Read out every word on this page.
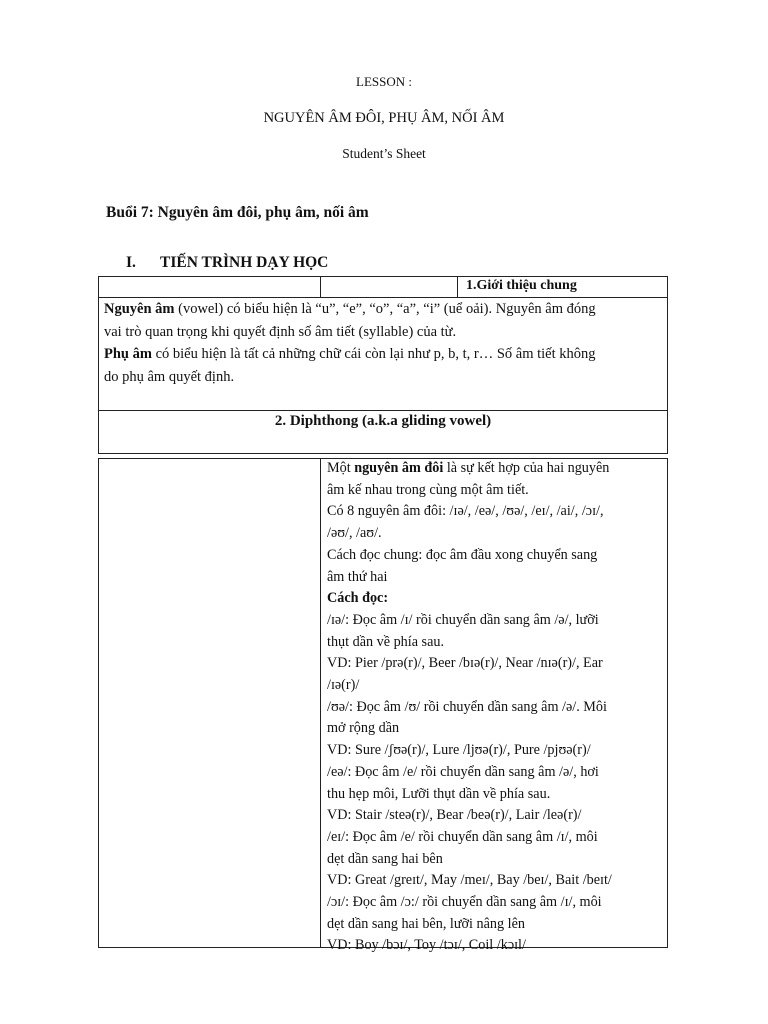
LESSON :
NGUYÊN ÂM ĐÔI, PHỤ ÂM, NỐI ÂM
Student’s Sheet
Buổi 7: Nguyên âm đôi, phụ âm, nối âm
I. TIẾN TRÌNH DẠY HỌC
1.Giới thiệu chung
Nguyên âm (vowel) có biểu hiện là “u”, “e”, “o”, “a”, “i” (uể oải). Nguyên âm đóng
vai trò quan trọng khi quyết định số âm tiết (syllable) của từ.
Phụ âm có biểu hiện là tất cả những chữ cái còn lại như p, b, t, r… Số âm tiết không
do phụ âm quyết định.
2. Diphthong (a.k.a gliding vowel)
Một nguyên âm đôi là sự kết hợp của hai nguyên
âm kế nhau trong cùng một âm tiết.
Có 8 nguyên âm đôi: /ɪə/, /eə/, /ʊə/, /eɪ/, /ai/, /ɔɪ/,
/əʊ/, /aʊ/.
Cách đọc chung: đọc âm đầu xong chuyển sang
âm thứ hai
Cách đọc:
/ɪə/: Đọc âm /ɪ/ rồi chuyển dần sang âm /ə/, lưỡi
thụt dần về phía sau.
VD: Pier /prə(r)/, Beer /bɪə(r)/, Near /nɪə(r)/, Ear
/ɪə(r)/
/ʊə/: Đọc âm /ʊ/ rồi chuyển dần sang âm /ə/. Môi
mở rộng dần
VD: Sure /ʃʊə(r)/, Lure /ljʊə(r)/, Pure /pjʊə(r)/
/eə/: Đọc âm /e/ rồi chuyển dần sang âm /ə/, hơi
thu hẹp môi, Lưỡi thụt dần về phía sau.
VD: Stair /steə(r)/, Bear /beə(r)/, Lair /leə(r)/
/eɪ/: Đọc âm /e/ rồi chuyển dần sang âm /ɪ/, môi
dẹt dần sang hai bên
VD: Great /greɪt/, May /meɪ/, Bay /beɪ/, Bait /beɪt/
/ɔɪ/: Đọc âm /ɔ:/ rồi chuyển dần sang âm /ɪ/, môi
dẹt dần sang hai bên, lưỡi nâng lên
VD: Boy /bɔɪ/, Toy /tɔɪ/, Coil /kɔɪl/
